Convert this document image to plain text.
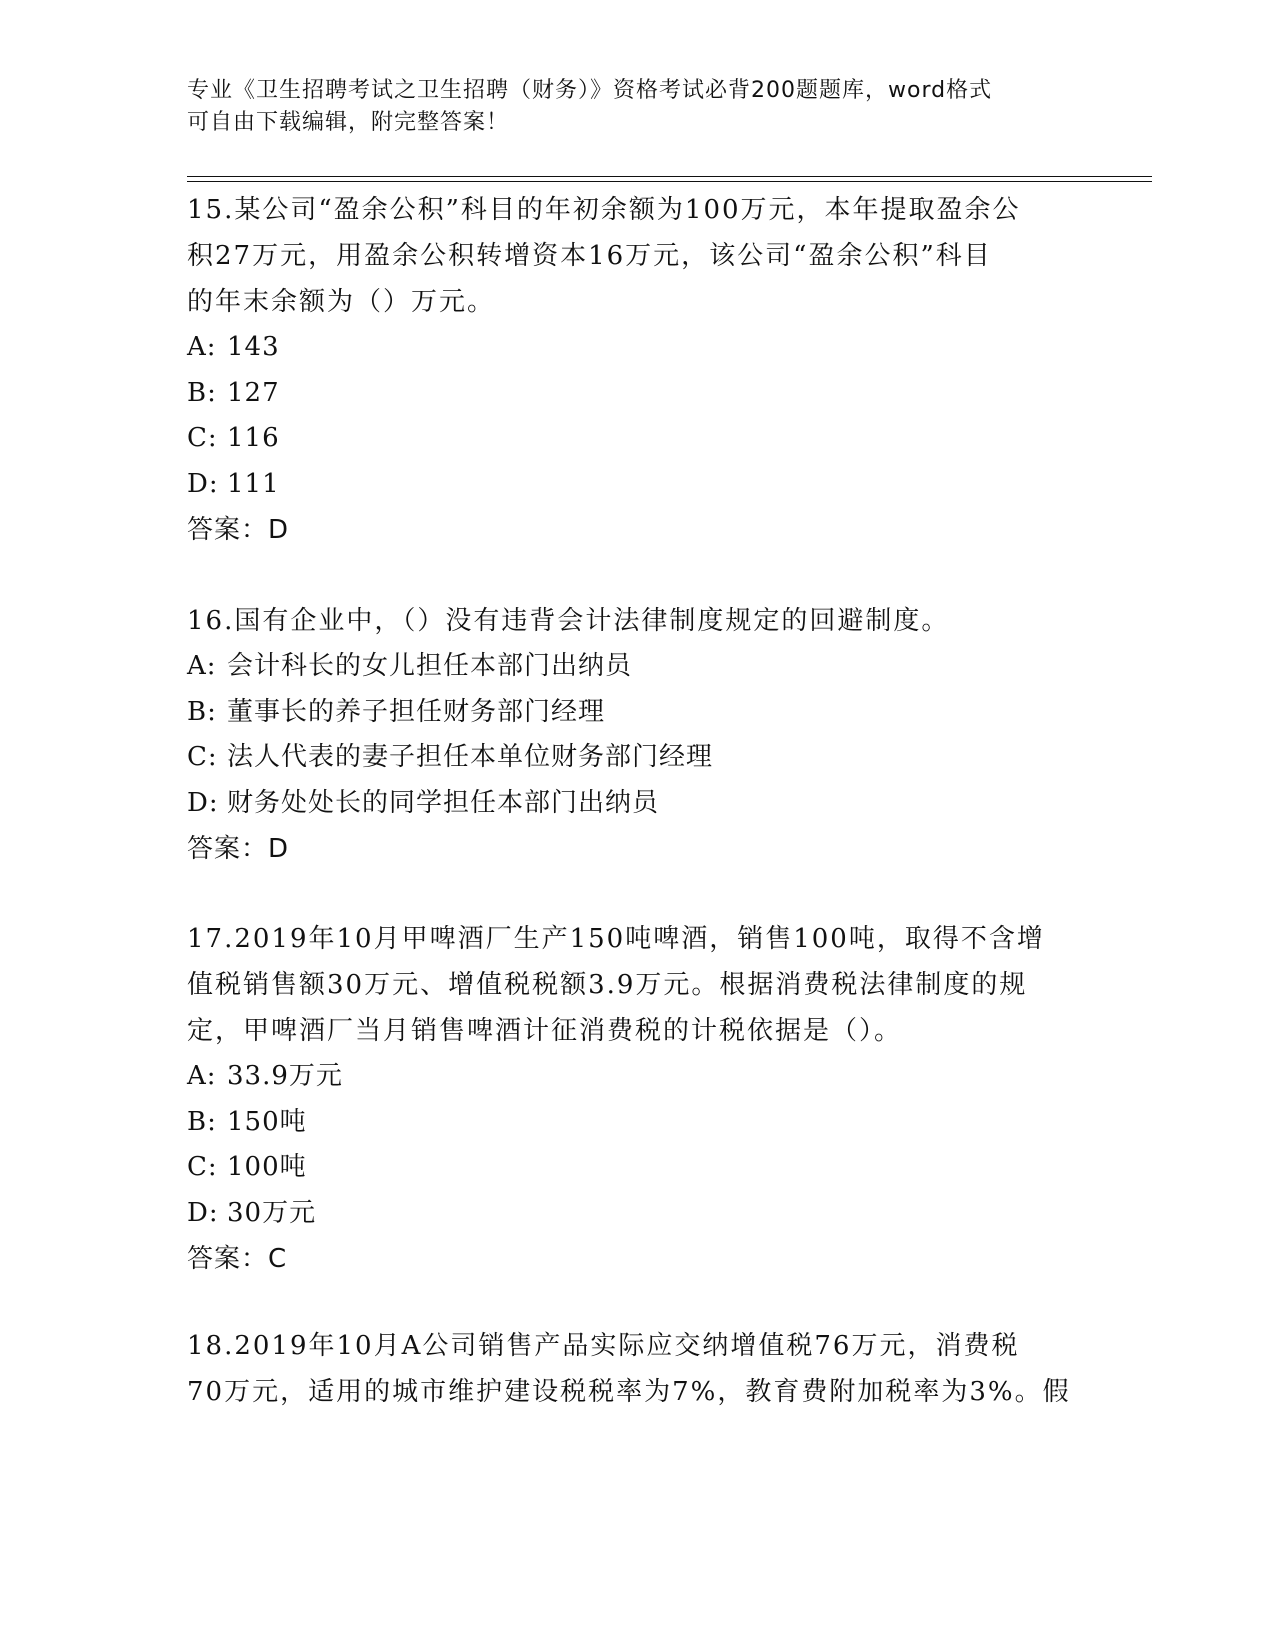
专业《卫生招聘考试之卫生招聘（财务）》资格考试必背200题题库，word格式
可自由下载编辑，附完整答案！

15.某公司“盈余公积”科目的年初余额为100万元，本年提取盈余公

积27万元，用盈余公积转增资本16万元，该公司“盈余公积”科目

的年末余额为（）万元。

A: 143

B: 127

C: 116

D: 111

答案：D

16.国有企业中，（）没有违背会计法律制度规定的回避制度。

A: 会计科长的女儿担任本部门出纳员

B: 董事长的养子担任财务部门经理

C: 法人代表的妻子担任本单位财务部门经理

D: 财务处处长的同学担任本部门出纳员

答案：D

17.2019年10月甲啤酒厂生产150吨啤酒，销售100吨，取得不含增

值税销售额30万元、增值税税额3.9万元。根据消费税法律制度的规

定，甲啤酒厂当月销售啤酒计征消费税的计税依据是（）。

A: 33.9万元

B: 150吨

C: 100吨

D: 30万元

答案：C

18.2019年10月A公司销售产品实际应交纳增值税76万元，消费税

70万元，适用的城市维护建设税税率为7%，教育费附加税率为3%。假
